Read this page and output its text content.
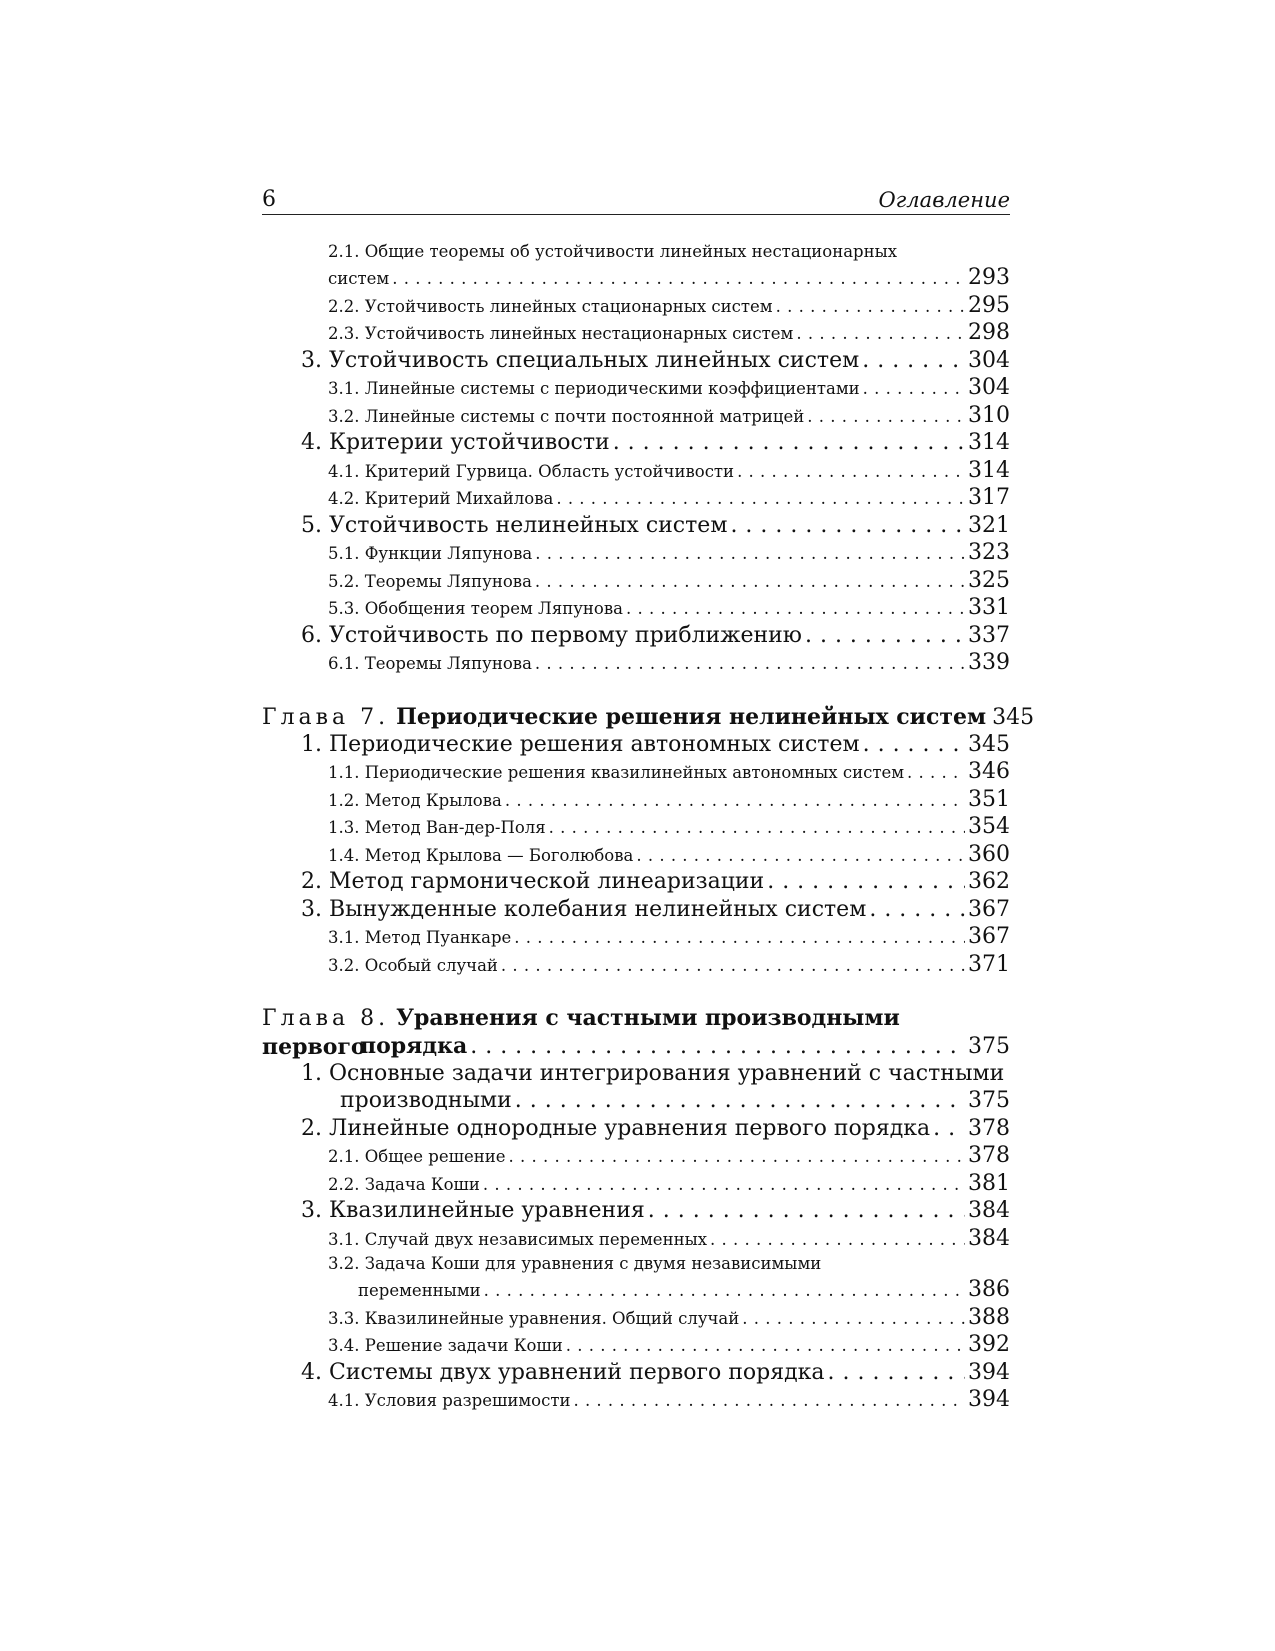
6	Оглавление
2.1. Общие теоремы об устойчивости линейных нестационарных
систем . . .	293
2.2. Устойчивость линейных стационарных систем . . .	295
2.3. Устойчивость линейных нестационарных систем . . .	298
3. Устойчивость специальных линейных систем . . .	304
3.1. Линейные системы с периодическими коэффициентами . . .	304
3.2. Линейные системы с почти постоянной матрицей . . .	310
4. Критерии устойчивости . . .	314
4.1. Критерий Гурвица. Область устойчивости . . .	314
4.2. Критерий Михайлова . . .	317
5. Устойчивость нелинейных систем . . .	321
5.1. Функции Ляпунова . . .	323
5.2. Теоремы Ляпунова . . .	325
5.3. Обобщения теорем Ляпунова . . .	331
6. Устойчивость по первому приближению . . .	337
6.1. Теоремы Ляпунова . . .	339
Глава 7. Периодические решения нелинейных систем 345
1. Периодические решения автономных систем . . .	345
1.1. Периодические решения квазилинейных автономных систем . . .	346
1.2. Метод Крылова . . .	351
1.3. Метод Ван-дер-Поля . . .	354
1.4. Метод Крылова — Боголюбова . . .	360
2. Метод гармонической линеаризации . . .	362
3. Вынужденные колебания нелинейных систем . . .	367
3.1. Метод Пуанкаре . . .	367
3.2. Особый случай . . .	371
Глава 8. Уравнения с частными производными первого
порядка . . .	375
1. Основные задачи интегрирования уравнений с частными
производными . . .	375
2. Линейные однородные уравнения первого порядка . . . 378
2.1. Общее решение . . .	378
2.2. Задача Коши . . .	381
3. Квазилинейные уравнения . . .	384
3.1. Случай двух независимых переменных . . .	384
3.2. Задача Коши для уравнения с двумя независимыми
переменными . . .	386
3.3. Квазилинейные уравнения. Общий случай . . .	388
3.4. Решение задачи Коши . . .	392
4. Системы двух уравнений первого порядка . . .	394
4.1. Условия разрешимости . . .	394
